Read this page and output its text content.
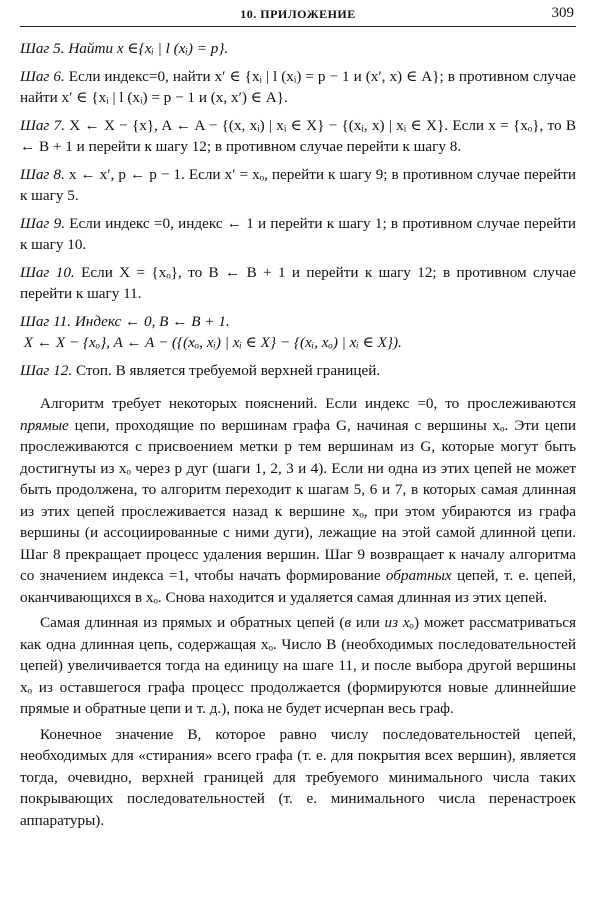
10. ПРИЛОЖЕНИЕ	309
Шаг 5. Найти x ∈{xᵢ | l (xᵢ) = p}.
Шаг 6. Если индекс=0, найти x′ ∈ {xᵢ | l (xᵢ) = p − 1 и (x′, x) ∈ A}; в противном случае найти x′ ∈ {xᵢ | l (xᵢ) = p − 1 и (x, x′) ∈ A}.
Шаг 7. X ← X − {x}, A ← A − {(x, xᵢ) | xᵢ ∈ X} − {(xᵢ, x) | xᵢ ∈ X}. Если x = {xₒ}, то B ← B + 1 и перейти к шагу 12; в противном случае перейти к шагу 8.
Шаг 8. x ← x′, p ← p − 1. Если x′ = xₒ, перейти к шагу 9; в противном случае перейти к шагу 5.
Шаг 9. Если индекс =0, индекс ← 1 и перейти к шагу 1; в противном случае перейти к шагу 10.
Шаг 10. Если X = {xₒ}, то B ← B + 1 и перейти к шагу 12; в противном случае перейти к шагу 11.
Шаг 11. Индекс ← 0, B ← B + 1.
X ← X − {xₒ}, A ← A − ({(xₒ, xᵢ) | xᵢ ∈ X} − {(xᵢ, xₒ) | xᵢ ∈ X}).
Шаг 12. Стоп. B является требуемой верхней границей.

Алгоритм требует некоторых пояснений. Если индекс =0, то прослеживаются прямые цепи, проходящие по вершинам графа G, начиная с вершины xₒ. Эти цепи прослеживаются с присвоением метки p тем вершинам из G, которые могут быть достигнуты из xₒ через p дуг (шаги 1, 2, 3 и 4). Если ни одна из этих цепей не может быть продолжена, то алгоритм переходит к шагам 5, 6 и 7, в которых самая длинная из этих цепей прослеживается назад к вершине xₒ, при этом убираются из графа вершины (и ассоциированные с ними дуги), лежащие на этой самой длинной цепи. Шаг 8 прекращает процесс удаления вершин. Шаг 9 возвращает к началу алгоритма со значением индекса =1, чтобы начать формирование обратных цепей, т. е. цепей, оканчивающихся в xₒ. Снова находится и удаляется самая длинная из этих цепей.

Самая длинная из прямых и обратных цепей (в или из xₒ) может рассматриваться как одна длинная цепь, содержащая xₒ. Число B (необходимых последовательностей цепей) увеличивается тогда на единицу на шаге 11, и после выбора другой вершины xₒ из оставшегося графа процесс продолжается (формируются новые длиннейшие прямые и обратные цепи и т. д.), пока не будет исчерпан весь граф.

Конечное значение B, которое равно числу последовательностей цепей, необходимых для «стирания» всего графа (т. е. для покрытия всех вершин), является тогда, очевидно, верхней границей для требуемого минимального числа таких покрывающих последовательностей (т. е. минимального числа перенастроек аппаратуры).
